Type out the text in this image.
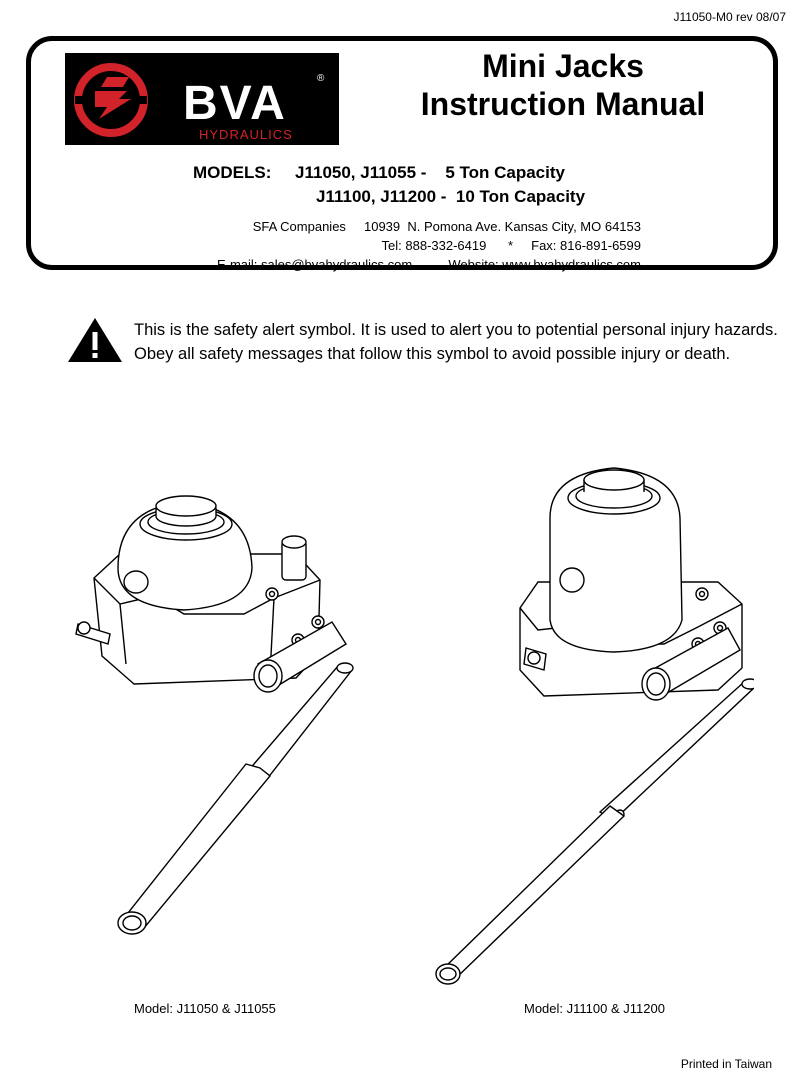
J11050-M0 rev 08/07
BVA	®
HYDRAULICS
Mini Jacks
Instruction Manual
MODELS: J11050, J11055 -    5 Ton Capacity
J11100, J11200 -  10 Ton Capacity
SFA Companies     10939  N. Pomona Ave. Kansas City, MO 64153
Tel: 888-332-6419      *     Fax: 816-891-6599
E-mail: sales@bvahydraulics.com          Website: www.bvahydraulics.com
This is the safety alert symbol. It is used to alert you to potential personal injury hazards.
Obey all safety messages that follow this symbol to avoid possible injury or death.
Model: J11050 & J11055	Model: J11100 & J11200
Printed in Taiwan
